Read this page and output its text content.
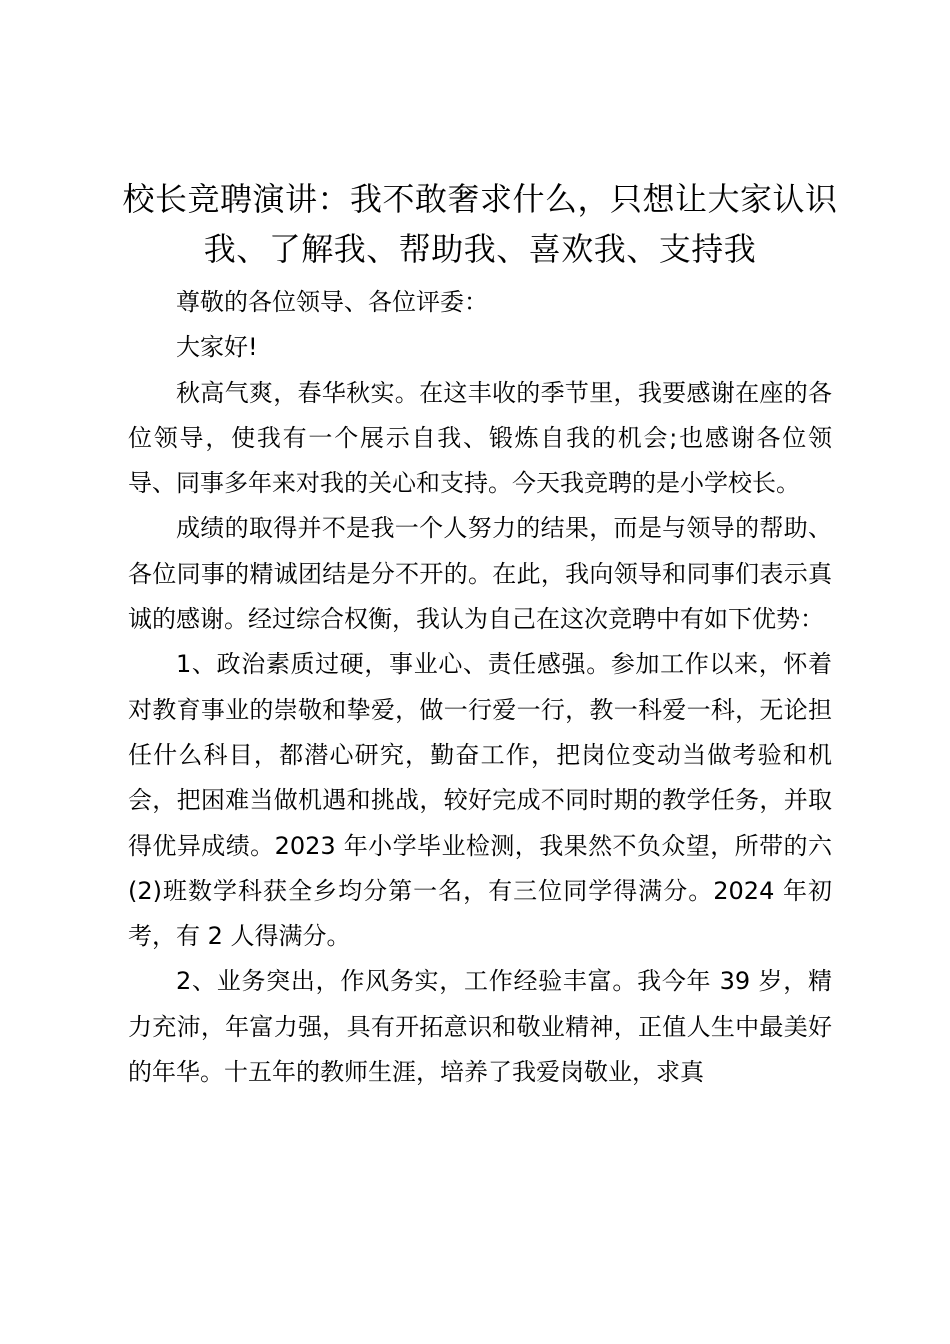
校长竞聘演讲：我不敢奢求什么，只想让大家认识我、了解我、帮助我、喜欢我、支持我

尊敬的各位领导、各位评委：

大家好!

秋高气爽，春华秋实。在这丰收的季节里，我要感谢在座的各位领导，使我有一个展示自我、锻炼自我的机会;也感谢各位领导、同事多年来对我的关心和支持。今天我竞聘的是小学校长。

成绩的取得并不是我一个人努力的结果，而是与领导的帮助、各位同事的精诚团结是分不开的。在此，我向领导和同事们表示真诚的感谢。经过综合权衡，我认为自己在这次竞聘中有如下优势：

1、政治素质过硬，事业心、责任感强。参加工作以来，怀着对教育事业的崇敬和挚爱，做一行爱一行，教一科爱一科，无论担任什么科目，都潜心研究，勤奋工作，把岗位变动当做考验和机会，把困难当做机遇和挑战，较好完成不同时期的教学任务，并取得优异成绩。2023 年小学毕业检测，我果然不负众望，所带的六(2)班数学科获全乡均分第一名，有三位同学得满分。2024 年初考，有 2 人得满分。

2、业务突出，作风务实，工作经验丰富。我今年 39 岁，精力充沛，年富力强，具有开拓意识和敬业精神，正值人生中最美好的年华。十五年的教师生涯，培养了我爱岗敬业，求真
